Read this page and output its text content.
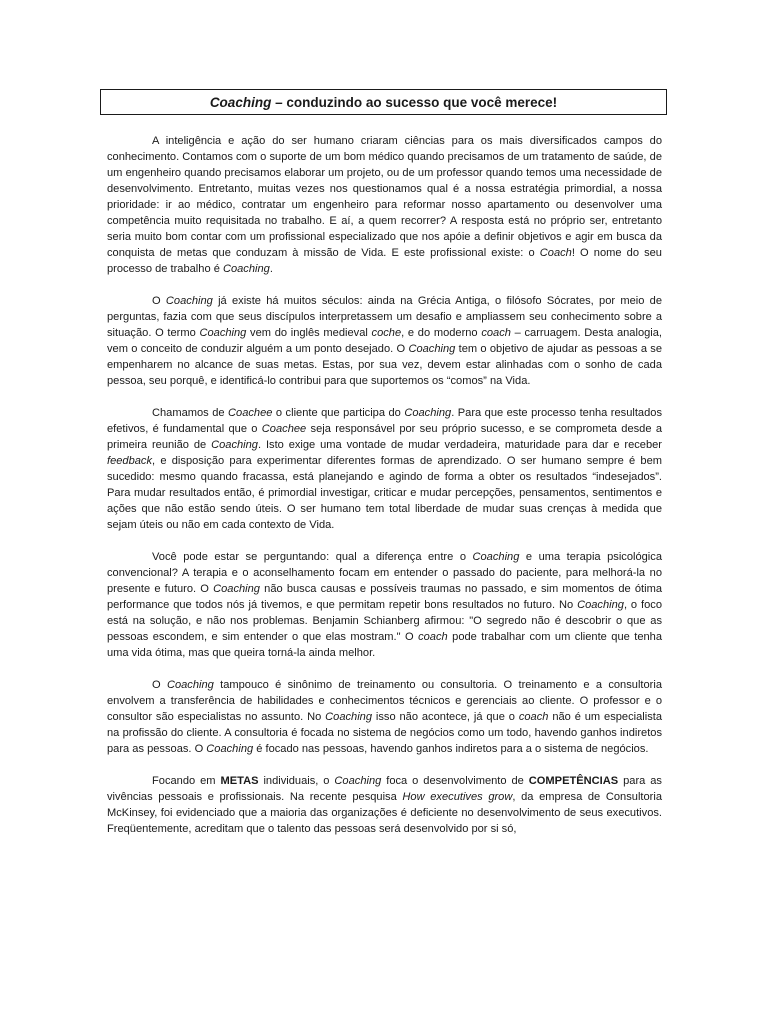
Coaching – conduzindo ao sucesso que você merece!

A inteligência e ação do ser humano criaram ciências para os mais diversificados campos do conhecimento. Contamos com o suporte de um bom médico quando precisamos de um tratamento de saúde, de um engenheiro quando precisamos elaborar um projeto, ou de um professor quando temos uma necessidade de desenvolvimento. Entretanto, muitas vezes nos questionamos qual é a nossa estratégia primordial, a nossa prioridade: ir ao médico, contratar um engenheiro para reformar nosso apartamento ou desenvolver uma competência muito requisitada no trabalho. E aí, a quem recorrer? A resposta está no próprio ser, entretanto seria muito bom contar com um profissional especializado que nos apóie a definir objetivos e agir em busca da conquista de metas que conduzam à missão de Vida. E este profissional existe: o Coach! O nome do seu processo de trabalho é Coaching.

O Coaching já existe há muitos séculos: ainda na Grécia Antiga, o filósofo Sócrates, por meio de perguntas, fazia com que seus discípulos interpretassem um desafio e ampliassem seu conhecimento sobre a situação. O termo Coaching vem do inglês medieval coche, e do moderno coach – carruagem. Desta analogia, vem o conceito de conduzir alguém a um ponto desejado. O Coaching tem o objetivo de ajudar as pessoas a se empenharem no alcance de suas metas. Estas, por sua vez, devem estar alinhadas com o sonho de cada pessoa, seu porquê, e identificá-lo contribui para que suportemos os “comos” na Vida.

Chamamos de Coachee o cliente que participa do Coaching. Para que este processo tenha resultados efetivos, é fundamental que o Coachee seja responsável por seu próprio sucesso, e se comprometa desde a primeira reunião de Coaching. Isto exige uma vontade de mudar verdadeira, maturidade para dar e receber feedback, e disposição para experimentar diferentes formas de aprendizado. O ser humano sempre é bem sucedido: mesmo quando fracassa, está planejando e agindo de forma a obter os resultados “indesejados”. Para mudar resultados então, é primordial investigar, criticar e mudar percepções, pensamentos, sentimentos e ações que não estão sendo úteis. O ser humano tem total liberdade de mudar suas crenças à medida que sejam úteis ou não em cada contexto de Vida.

Você pode estar se perguntando: qual a diferença entre o Coaching e uma terapia psicológica convencional? A terapia e o aconselhamento focam em entender o passado do paciente, para melhorá-la no presente e futuro. O Coaching não busca causas e possíveis traumas no passado, e sim momentos de ótima performance que todos nós já tivemos, e que permitam repetir bons resultados no futuro. No Coaching, o foco está na solução, e não nos problemas. Benjamin Schianberg afirmou: "O segredo não é descobrir o que as pessoas escondem, e sim entender o que elas mostram." O coach pode trabalhar com um cliente que tenha uma vida ótima, mas que queira torná-la ainda melhor.

O Coaching tampouco é sinônimo de treinamento ou consultoria. O treinamento e a consultoria envolvem a transferência de habilidades e conhecimentos técnicos e gerenciais ao cliente. O professor e o consultor são especialistas no assunto. No Coaching isso não acontece, já que o coach não é um especialista na profissão do cliente. A consultoria é focada no sistema de negócios como um todo, havendo ganhos indiretos para as pessoas. O Coaching é focado nas pessoas, havendo ganhos indiretos para a o sistema de negócios.

Focando em METAS individuais, o Coaching foca o desenvolvimento de COMPETÊNCIAS para as vivências pessoais e profissionais. Na recente pesquisa How executives grow, da empresa de Consultoria McKinsey, foi evidenciado que a maioria das organizações é deficiente no desenvolvimento de seus executivos. Freqüentemente, acreditam que o talento das pessoas será desenvolvido por si só,
